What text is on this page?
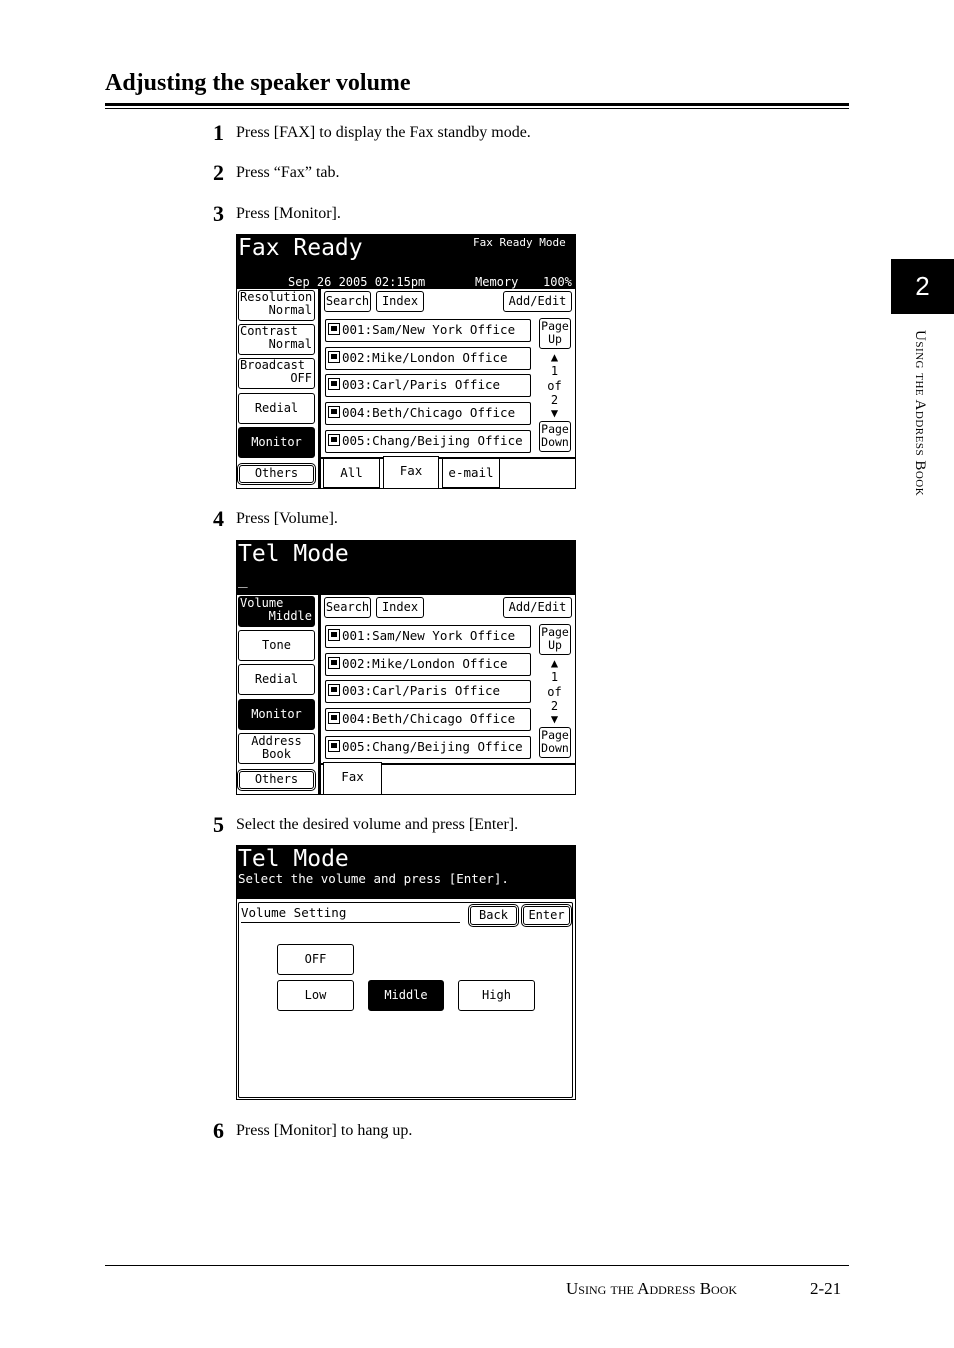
Adjusting the speaker volume
1 Press [FAX] to display the Fax standby mode.
2 Press “Fax” tab.
3 Press [Monitor].
Fax Ready	Fax Ready Mode
Sep 26 2005 02:15pm	Memory 100%
Resolution
Normal
Contrast
Normal
Broadcast
OFF
Redial
Monitor
Others
Search	Index	Add/Edit
001:Sam/New York Office
002:Mike/London Office
003:Carl/Paris Office
004:Beth/Chicago Office
005:Chang/Beijing Office
Page
Up
▲
1
of
2
▼
Page
Down
All	Fax	e-mail
4 Press [Volume].
Tel Mode
_
Volume
Middle
Tone
Redial
Monitor
Address
Book
Others
Search	Index	Add/Edit
001:Sam/New York Office
002:Mike/London Office
003:Carl/Paris Office
004:Beth/Chicago Office
005:Chang/Beijing Office
Page
Up
▲
1
of
2
▼
Page
Down
Fax
5 Select the desired volume and press [Enter].
Tel Mode
Select the volume and press [Enter].
Volume Setting	Back	Enter
OFF
Low	Middle	High
6 Press [Monitor] to hang up.
2
Using the Address Book
Using the Address Book	2-21
